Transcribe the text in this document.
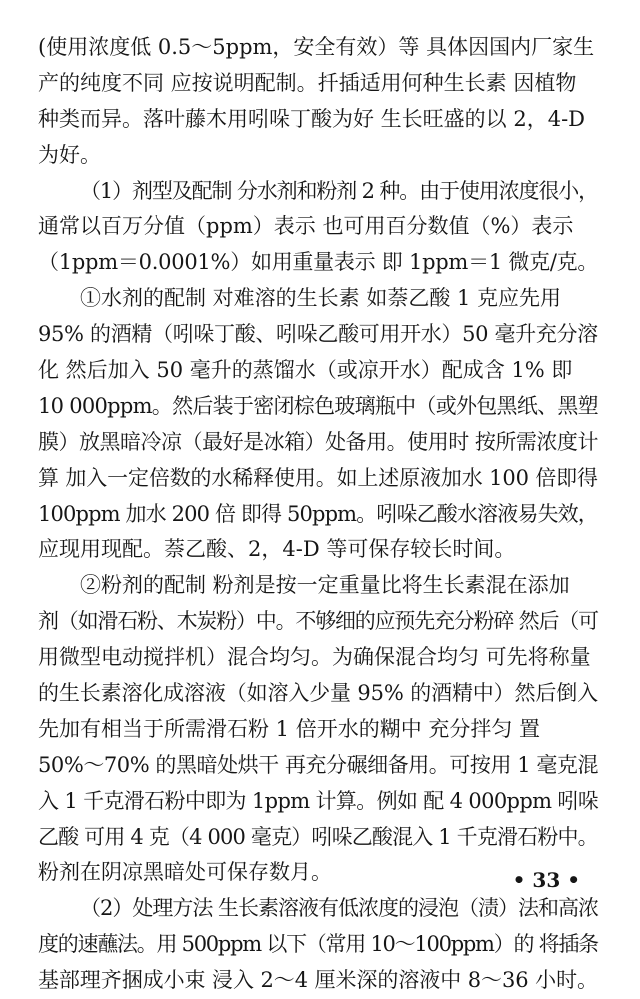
(使用浓度低 0.5～5ppm，安全有效）等 具体因国内厂家生
产的纯度不同 应按说明配制。扦插适用何种生长素 因植物
种类而异。落叶藤木用吲哚丁酸为好 生长旺盛的以 2，4-D
为好。
（1）剂型及配制 分水剂和粉剂 2 种。由于使用浓度很小，
通常以百万分值（ppm）表示 也可用百分数值（%）表示
（1ppm＝0.0001%）如用重量表示 即 1ppm＝1 微克/克。
①水剂的配制 对难溶的生长素 如萘乙酸 1 克应先用
95% 的酒精（吲哚丁酸、吲哚乙酸可用开水）50 毫升充分溶
化 然后加入 50 毫升的蒸馏水（或凉开水）配成含 1% 即
10 000ppm。然后装于密闭棕色玻璃瓶中（或外包黑纸、黑塑
膜）放黑暗冷凉（最好是冰箱）处备用。使用时 按所需浓度计
算 加入一定倍数的水稀释使用。如上述原液加水 100 倍即得
100ppm 加水 200 倍 即得 50ppm。吲哚乙酸水溶液易失效，
应现用现配。萘乙酸、2，4-D 等可保存较长时间。
②粉剂的配制 粉剂是按一定重量比将生长素混在添加
剂（如滑石粉、木炭粉）中。不够细的应预先充分粉碎 然后（可
用微型电动搅拌机）混合均匀。为确保混合均匀 可先将称量
的生长素溶化成溶液（如溶入少量 95% 的酒精中）然后倒入
先加有相当于所需滑石粉 1 倍开水的糊中 充分拌匀 置
50%～70% 的黑暗处烘干 再充分碾细备用。可按用 1 毫克混
入 1 千克滑石粉中即为 1ppm 计算。例如 配 4 000ppm 吲哚
乙酸 可用 4 克（4 000 毫克）吲哚乙酸混入 1 千克滑石粉中。
粉剂在阴凉黑暗处可保存数月。
（2）处理方法 生长素溶液有低浓度的浸泡（渍）法和高浓
度的速蘸法。用 500ppm 以下（常用 10～100ppm）的 将插条
基部理齐捆成小束 浸入 2～4 厘米深的溶液中 8～36 小时。
• 33 •
